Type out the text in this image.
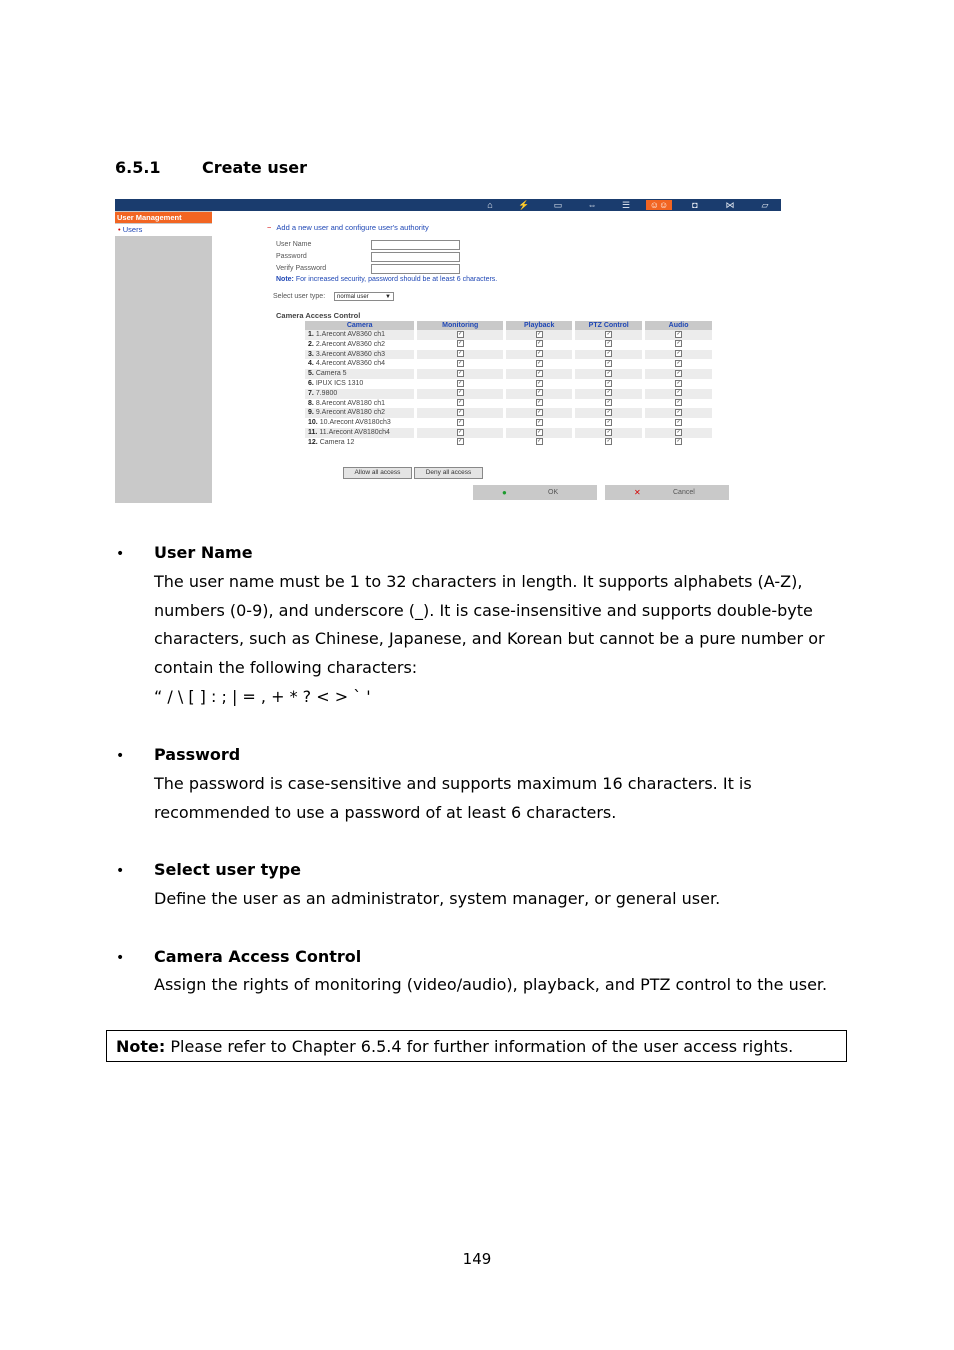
6.5.1	Create user
⌂	⚡	▭	⇔	☰	☺☺	◘	⋈	▱
User Management
• Users	− Add a new user and configure user's authority
User Name
Password
Verify Password
Note: For increased security, password should be at least 6 characters.
Select user type:	normal user	▼
Camera Access Control
Camera	Monitoring	Playback	PTZ Control	Audio
1. 1.Arecont AV8360 ch1	✓	✓	✓	✓
2. 2.Arecont AV8360 ch2	✓	✓	✓	✓
3. 3.Arecont AV8360 ch3	✓	✓	✓	✓
4. 4.Arecont AV8360 ch4	✓	✓	✓	✓
5. Camera 5	✓	✓	✓	✓
6. IPUX ICS 1310	✓	✓	✓	✓
7. 7.9800	✓	✓	✓	✓
8. 8.Arecont AV8180 ch1	✓	✓	✓	✓
9. 9.Arecont AV8180 ch2	✓	✓	✓	✓
10. 10.Arecont AV8180ch3	✓	✓	✓	✓
11. 11.Arecont AV8180ch4	✓	✓	✓	✓
12. Camera 12	✓	✓	✓	✓
Allow all access	Deny all access
●	OK	✕	Cancel
• User Name

The user name must be 1 to 32 characters in length. It supports alphabets (A-Z),

numbers (0-9), and underscore (_). It is case-insensitive and supports double-byte

characters, such as Chinese, Japanese, and Korean but cannot be a pure number or

contain the following characters:

“ / \ [ ] : ; | = , + * ? < > ` '

• Password

The password is case-sensitive and supports maximum 16 characters. It is

recommended to use a password of at least 6 characters.

• Select user type

Define the user as an administrator, system manager, or general user.

• Camera Access Control

Assign the rights of monitoring (video/audio), playback, and PTZ control to the user.

Note: Please refer to Chapter 6.5.4 for further information of the user access rights.
149
